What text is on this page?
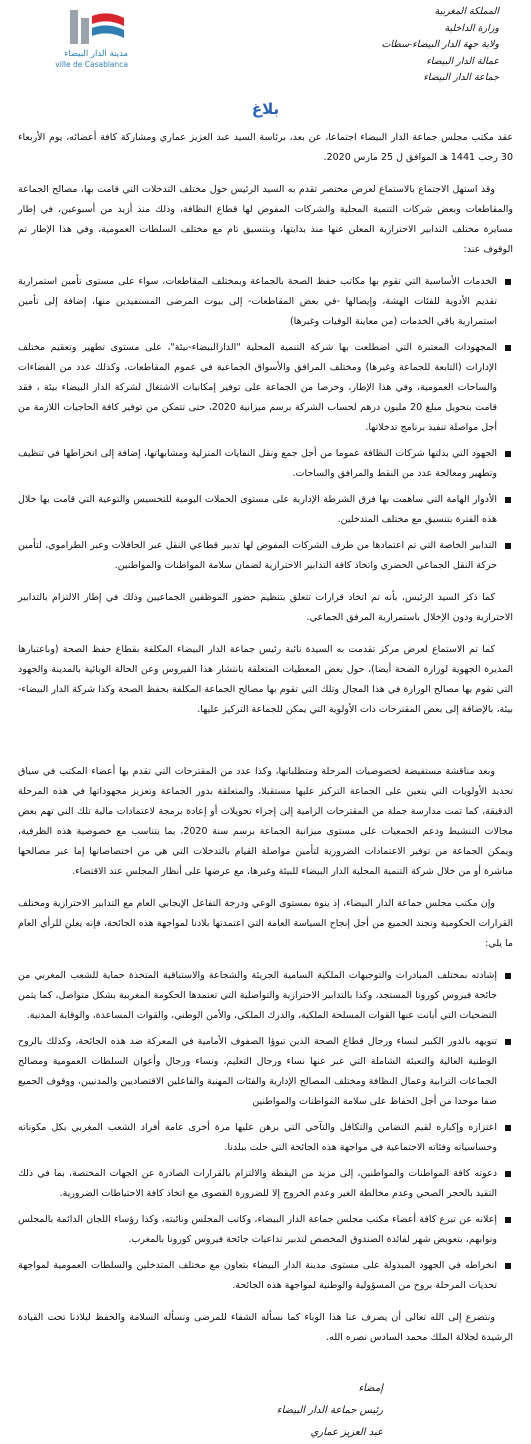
المملكة المغربية
وزارة الداخلية
ولاية جهة الدار البيضاء-سطات
عمالة الدار البيضاء
جماعة الدار البيضاء
مدينة الدار البيضاء
ville de Casablanca
بلاغ

عقد مكتب مجلس جماعة الدار البيضاء اجتماعا، عن بعد، برئاسة السيد عبد العزيز عماري ومشاركة كافة أعضائه، يوم الأربعاء 30 رجب 1441 هـ الموافق ل 25 مارس 2020.

وقد استهل الاجتماع بالاستماع لعرض مختصر تقدم به السيد الرئيس حول مختلف التدخلات التي قامت بها، مصالح الجماعة والمقاطعات وبعض شركات التنمية المحلية والشركات المفوض لها قطاع النظافة، وذلك منذ أزيد من أسبوعين، في إطار مسايرة مختلف التدابير الاحترازية المعلن عنها منذ بدايتها، وبتنسيق تام مع مختلف السلطات العمومية، وفي هذا الإطار تم الوقوف عند:

الخدمات الأساسية التي تقوم بها مكاتب حفظ الصحة بالجماعة وبمختلف المقاطعات، سواء على مستوى تأمين استمرارية تقديم الأدوية للفئات الهشة، وإيصالها -في بعض المقاطعات- إلى بيوت المرضى المستفيدين منها، إضافة إلى تأمين استمرارية باقي الخدمات (من معاينة الوفيات وغيرها)
المجهودات المعتبرة التي اضطلعت بها شركة التنمية المحلية "الدارالبيضاء-بيئة"، على مستوى تطهير وتعقيم مختلف الإدارات (التابعة للجماعة وغيرها) ومختلف المرافق والأسواق الجماعية في عموم المقاطعات، وكذلك عدد من الفضاءات والساحات العمومية، وفي هذا الإطار، وحرصا من الجماعة على توفير إمكانيات الاشتغال لشركة الدار البيضاء بيئة ، فقد قامت بتحويل مبلغ 20 مليون درهم لحساب الشركة برسم ميزانية 2020، حتى تتمكن من توفير كافة الحاجيات اللازمة من أجل مواصلة تنفيذ برنامج تدخلاتها.
الجهود التي بذلتها شركات النظافة عموما من أجل جمع ونقل النفايات المنزلية ومشابهاتها، إضافة إلى انخراطها في تنظيف وتطهير ومعالجة عدد من النقط والمرافق والساحات.
الأدوار الهامة التي ساهمت بها فرق الشرطة الإدارية على مستوى الحملات اليومية للتحسيس والتوعية التي قامت بها خلال هذه الفترة بتنسيق مع مختلف المتدخلين.
التدابير الخاصة التي تم اعتمادها من طرف الشركات المفوض لها تدبير قطاعي النقل عبر الحافلات وعبر الطراموي، لتأمين حركة النقل الجماعي الحضري واتخاذ كافة التدابير الاحترازية لضمان سلامة المواطنات والمواطنين.

كما ذكر السيد الرئيس، بأنه تم اتخاذ قرارات تتعلق بتنظيم حضور الموظفين الجماعيين وذلك في إطار الالتزام بالتدابير الاحترازية ودون الإخلال باستمرارية المرفق الجماعي.

كما تم الاستماع لعرض مركز تقدمت به السيدة نائبة رئيس جماعة الدار البيضاء المكلفة بقطاع حفظ الصحة (وباعتبارها المديرة الجهوية لوزارة الصحة أيضا)، حول بعض المعطيات المتعلقة بانتشار هذا الفيروس وعن الحالة الوبائية بالمدينة والجهود التي تقوم بها مصالح الوزارة في هذا المجال وتلك التي تقوم بها مصالح الجماعة المكلفة بحفظ الصحة وكذا شركة الدار البيضاء-بيئة، بالإضافة إلى بعض المقترحات ذات الأولوية التي يمكن للجماعة التركيز عليها.

وبعد مناقشة مستفيضة لخصوصيات المرحلة ومتطلباتها، وكذا عدد من المقترحات التي تقدم بها أعضاء المكتب في سياق تحديد الأولويات التي يتعين على الجماعة التركيز عليها مستقبلا، والمتعلقة بدور الجماعة وتعزيز مجهوداتها في هذه المرحلة الدقيقة، كما تمت مدارسة جملة من المقترحات الرامية إلى إجراء تحويلات أو إعادة برمجة لاعتمادات مالية تلك التي تهم بعض مجالات التنشيط ودعم الجمعيات على مستوى ميزانية الجماعة برسم سنة 2020، بما يتناسب مع خصوصية هذه الظرفية، ويمكن الجماعة من توفير الاعتمادات الضرورية لتأمين مواصلة القيام بالتدخلات التي هي من اختصاصاتها إما عبر مصالحها مباشرة أو من خلال شركة التنمية المحلية الدار البيضاء للبيئة وغيرها، مع عرضها على أنظار المجلس عند الاقتضاء.

وإن مكتب مجلس جماعة الدار البيضاء، إذ ينوه بمستوى الوعي ودرجة التفاعل الإيجابي العام مع التدابير الاحترازية ومختلف القرارات الحكومية وتجند الجميع من أجل إنجاح السياسة العامة التي اعتمدتها بلادنا لمواجهة هذه الجائحة، فإنه يعلن للرأي العام ما يلي:

إشادته بمختلف المبادرات والتوجيهات الملكية السامية الجريئة والشجاعة والاستباقية المتخذة حماية للشعب المغربي من جائحة فيروس كورونا المستجد، وكذا بالتدابير الاحترازية والتواصلية التي تعتمدها الحكومة المغربية بشكل متواصل، كما يثمن التضحيات التي أبانت عنها القوات المسلحة الملكية، والدرك الملكي، والأمن الوطني، والقوات المساعدة، والوقاية المدنية.
تنويهه بالدور الكبير لنساء ورجال قطاع الصحة الذين تبوؤا الصفوف الأمامية في المعركة ضد هذه الجائحة، وكذلك بالروح الوطنية العالية والتعبئة الشاملة التي عبر عنها نساء ورجال التعليم، ونساء ورجال وأعوان السلطات العمومية ومصالح الجماعات الترابية وعمال النظافة ومختلف المصالح الإدارية والفئات المهنية والفاعلين الاقتصاديين والمدنيين، ووقوف الجميع صفا موحدا من أجل الحفاظ على سلامة المواطنات والمواطنين
اعتزازه وإكباره لقيم التضامن والتكافل والتآخي التي برهن عليها مرة أخرى عامة أفراد الشعب المغربي بكل مكوناته وحساسياته وفئاته الاجتماعية في مواجهة هذه الجائحة التي حلت ببلدنا.
دعوته كافة المواطنات والمواطنين، إلى مزيد من اليقظة والالتزام بالقرارات الصادرة عن الجهات المختصة، بما في ذلك التقيد بالحجر الصحي وعدم مخالطة الغير وعدم الخروج إلا للضرورة القصوى مع اتخاذ كافة الاحتياطات الضرورية.
إعلانه عن تبرع كافة أعضاء مكتب مجلس جماعة الدار البيضاء، وكاتب المجلس ونائبته، وكذا رؤساء اللجان الدائمة بالمجلس ونوابهم، بتعويض شهر لفائدة الصندوق المخصص لتدبير تداعيات جائحة فيروس كورونا بالمغرب.
انخراطه في الجهود المبذولة على مستوى مدينة الدار البيضاء بتعاون مع مختلف المتدخلين والسلطات العمومية لمواجهة تحديات المرحلة بروح من المسؤولية والوطنية لمواجهة هذه الجائحة.

ونتضرع إلى الله تعالى أن يصرف عنا هذا الوباء كما نسأله الشفاء للمرضى ونسأله السلامة والحفظ لبلادنا تحت القيادة الرشيدة لجلالة الملك محمد السادس نصره الله.

إمضاء
رئيس جماعة الدار البيضاء
عبد العزيز عماري
